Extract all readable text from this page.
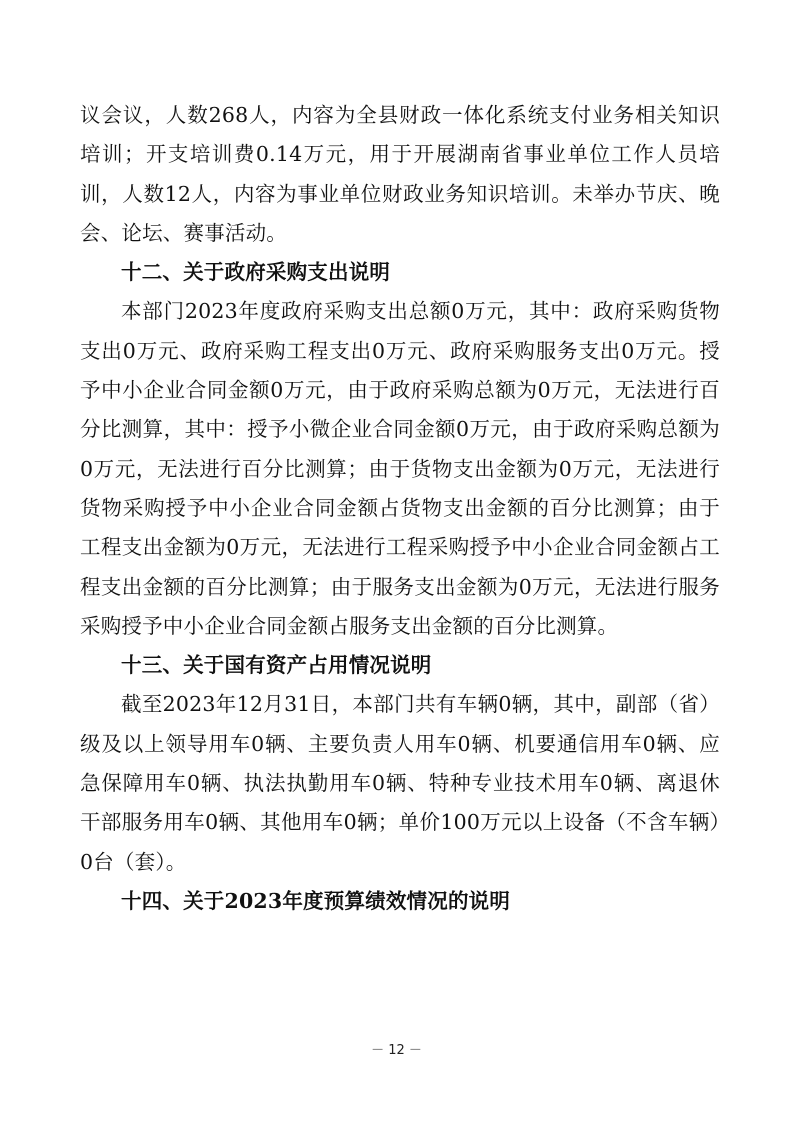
议会议，人数268人，内容为全县财政一体化系统支付业务相关知识培训；开支培训费0.14万元，用于开展湖南省事业单位工作人员培训，人数12人，内容为事业单位财政业务知识培训。未举办节庆、晚会、论坛、赛事活动。

十二、关于政府采购支出说明

本部门2023年度政府采购支出总额0万元，其中：政府采购货物支出0万元、政府采购工程支出0万元、政府采购服务支出0万元。授予中小企业合同金额0万元，由于政府采购总额为0万元，无法进行百分比测算，其中：授予小微企业合同金额0万元，由于政府采购总额为0万元，无法进行百分比测算；由于货物支出金额为0万元，无法进行货物采购授予中小企业合同金额占货物支出金额的百分比测算；由于工程支出金额为0万元，无法进行工程采购授予中小企业合同金额占工程支出金额的百分比测算；由于服务支出金额为0万元，无法进行服务采购授予中小企业合同金额占服务支出金额的百分比测算。

十三、关于国有资产占用情况说明

截至2023年12月31日，本部门共有车辆0辆，其中，副部（省）级及以上领导用车0辆、主要负责人用车0辆、机要通信用车0辆、应急保障用车0辆、执法执勤用车0辆、特种专业技术用车0辆、离退休干部服务用车0辆、其他用车0辆；单价100万元以上设备（不含车辆）0台（套）。

十四、关于2023年度预算绩效情况的说明

－ 12 －
